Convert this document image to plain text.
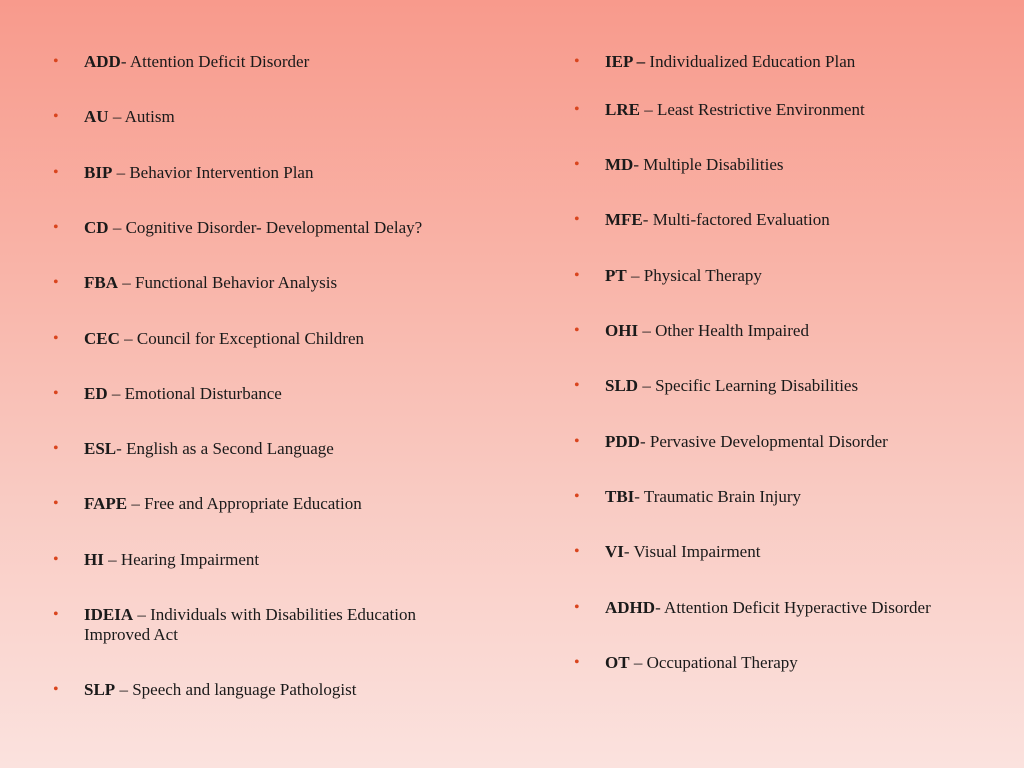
• ADD- Attention Deficit Disorder
• AU – Autism
• BIP – Behavior Intervention Plan
• CD – Cognitive Disorder- Developmental Delay?
• FBA – Functional Behavior Analysis
• CEC – Council for Exceptional Children
• ED – Emotional Disturbance
• ESL- English as a Second Language
• FAPE – Free and Appropriate Education
• HI – Hearing Impairment
• IDEIA – Individuals with Disabilities Education Improved Act
• SLP – Speech and language Pathologist
• IEP – Individualized Education Plan
• LRE – Least Restrictive Environment
• MD- Multiple Disabilities
• MFE- Multi-factored Evaluation
• PT – Physical Therapy
• OHI – Other Health Impaired
• SLD – Specific Learning Disabilities
• PDD- Pervasive Developmental Disorder
• TBI- Traumatic Brain Injury
• VI- Visual Impairment
• ADHD- Attention Deficit Hyperactive Disorder
• OT – Occupational Therapy
